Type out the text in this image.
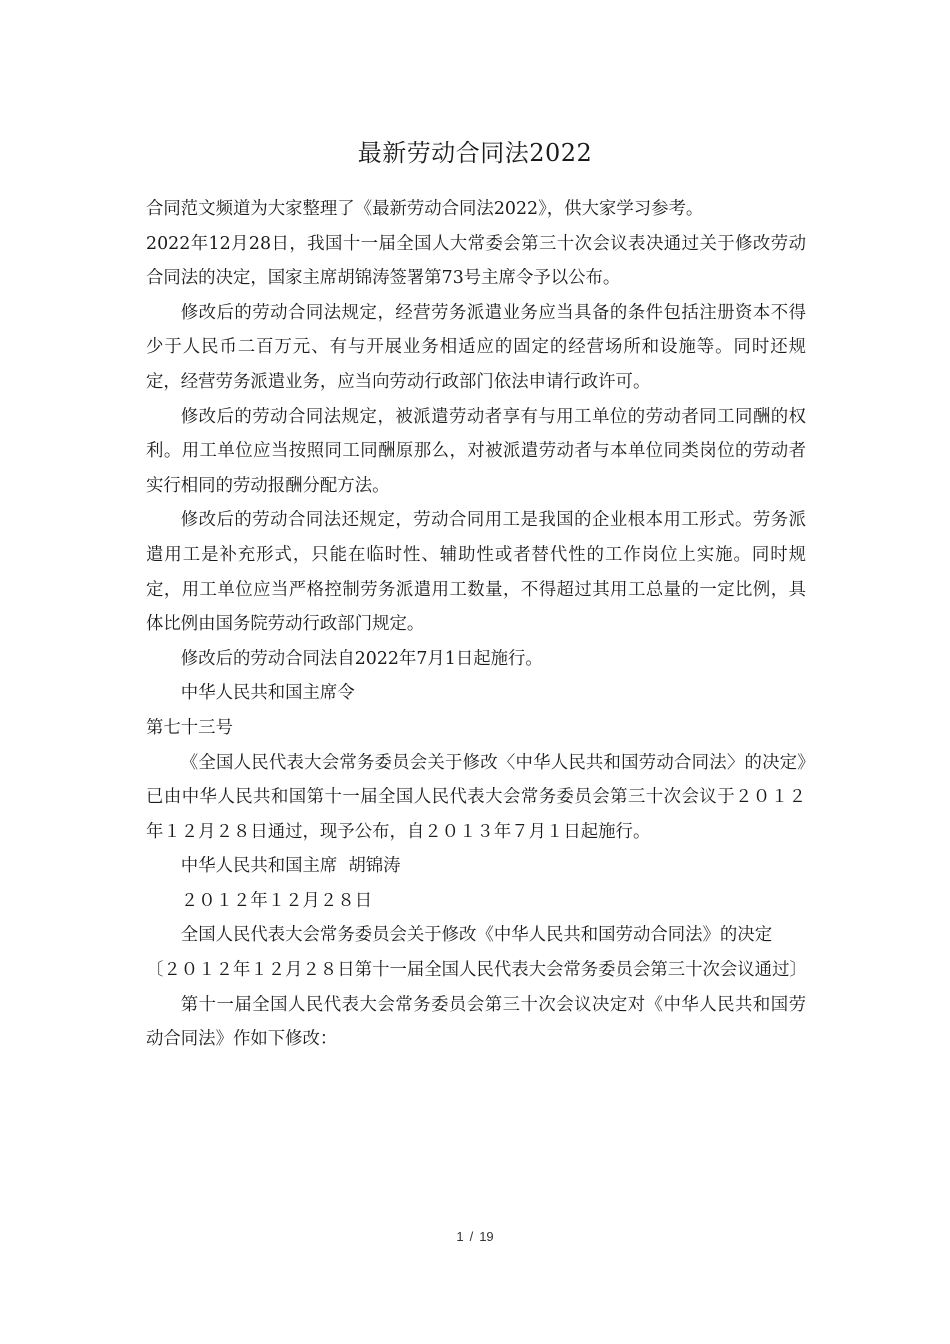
最新劳动合同法2022

合同范文频道为大家整理了《最新劳动合同法2022》，供大家学习参考。

2022年12月28日，我国十一届全国人大常委会第三十次会议表决通过关于修改劳动合同法的决定，国家主席胡锦涛签署第73号主席令予以公布。

修改后的劳动合同法规定，经营劳务派遣业务应当具备的条件包括注册资本不得少于人民币二百万元、有与开展业务相适应的固定的经营场所和设施等。同时还规定，经营劳务派遣业务，应当向劳动行政部门依法申请行政许可。

修改后的劳动合同法规定，被派遣劳动者享有与用工单位的劳动者同工同酬的权利。用工单位应当按照同工同酬原那么，对被派遣劳动者与本单位同类岗位的劳动者实行相同的劳动报酬分配方法。

修改后的劳动合同法还规定，劳动合同用工是我国的企业根本用工形式。劳务派遣用工是补充形式，只能在临时性、辅助性或者替代性的工作岗位上实施。同时规定，用工单位应当严格控制劳务派遣用工数量，不得超过其用工总量的一定比例，具体比例由国务院劳动行政部门规定。

修改后的劳动合同法自2022年7月1日起施行。

中华人民共和国主席令

第七十三号

《全国人民代表大会常务委员会关于修改〈中华人民共和国劳动合同法〉的决定》已由中华人民共和国第十一届全国人民代表大会常务委员会第三十次会议于２０１２年１２月２８日通过，现予公布，自２０１３年７月１日起施行。

中华人民共和国主席  胡锦涛

２０１２年１２月２８日

全国人民代表大会常务委员会关于修改《中华人民共和国劳动合同法》的决定

〔２０１２年１２月２８日第十一届全国人民代表大会常务委员会第三十次会议通过〕

第十一届全国人民代表大会常务委员会第三十次会议决定对《中华人民共和国劳动合同法》作如下修改：

1 / 19
